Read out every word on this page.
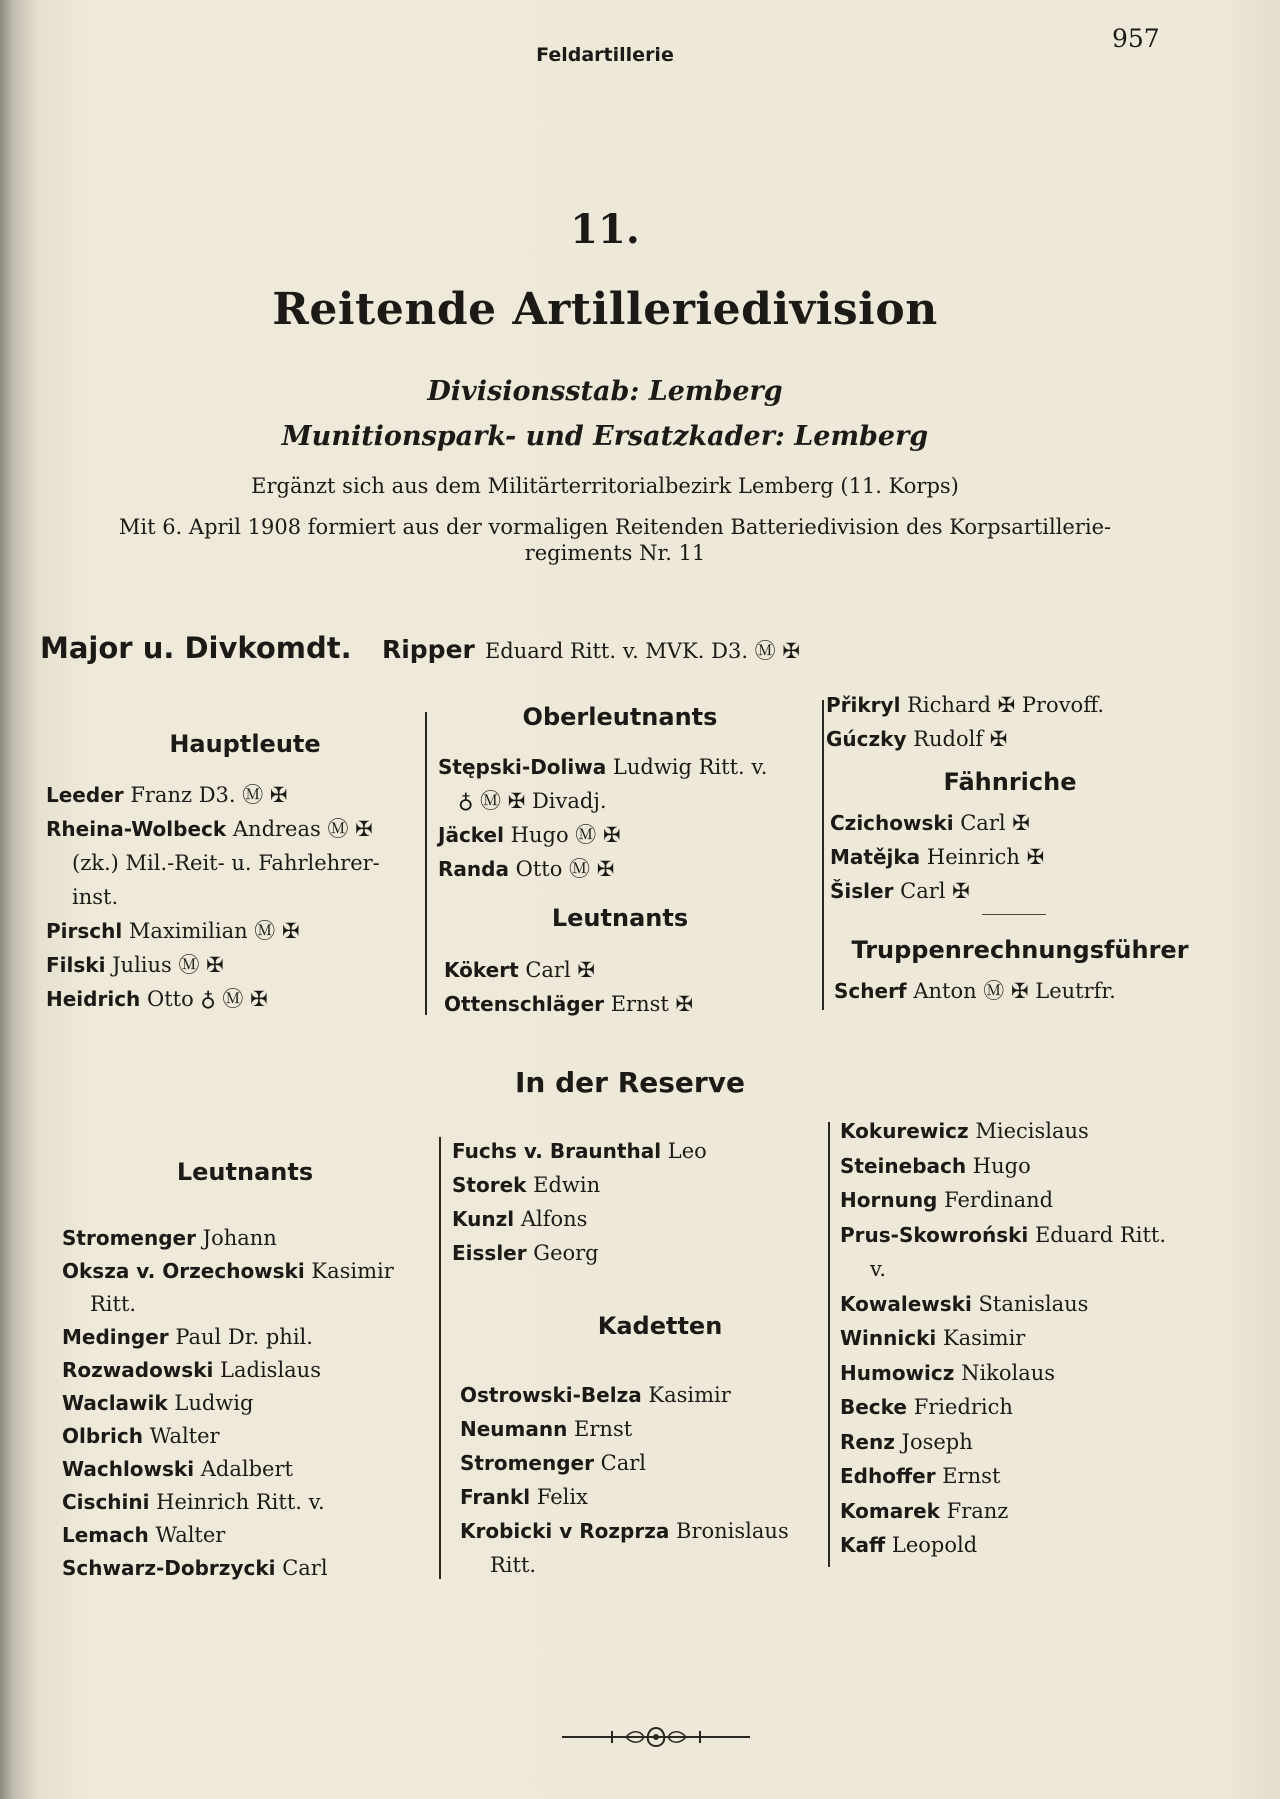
Feldartillerie
957
11.
Reitende Artilleriedivision
Divisionsstab: Lemberg
Munitionspark- und Ersatzkader: Lemberg
Ergänzt sich aus dem Militärterritorialbezirk Lemberg (11. Korps)
Mit 6. April 1908 formiert aus der vormaligen Reitenden Batteriedivision des Korpsartillerie-
regiments Nr. 11
Major u. Divkomdt. Ripper Eduard Ritt. v. MVK. D3. Ⓜ ✠
Hauptleute
Leeder Franz D3. Ⓜ ✠
Rheina-Wolbeck Andreas Ⓜ ✠
(zk.) Mil.-Reit- u. Fahrlehrer-
inst.
Pirschl Maximilian Ⓜ ✠
Filski Julius Ⓜ ✠
Heidrich Otto ♁ Ⓜ ✠
Oberleutnants
Stępski-Doliwa Ludwig Ritt. v.
♁ Ⓜ ✠ Divadj.
Jäckel Hugo Ⓜ ✠
Randa Otto Ⓜ ✠
Leutnants
Kökert Carl ✠
Ottenschläger Ernst ✠
Přikryl Richard ✠ Provoff.
Gúczky Rudolf ✠
Fähnriche
Czichowski Carl ✠
Matějka Heinrich ✠
Šisler Carl ✠
Truppenrechnungsführer
Scherf Anton Ⓜ ✠ Leutrfr.
In der Reserve
Leutnants
Stromenger Johann
Oksza v. Orzechowski Kasimir
Ritt.
Medinger Paul Dr. phil.
Rozwadowski Ladislaus
Waclawik Ludwig
Olbrich Walter
Wachlowski Adalbert
Cischini Heinrich Ritt. v.
Lemach Walter
Schwarz-Dobrzycki Carl
Fuchs v. Braunthal Leo
Storek Edwin
Kunzl Alfons
Eissler Georg
Kadetten
Ostrowski-Belza Kasimir
Neumann Ernst
Stromenger Carl
Frankl Felix
Krobicki v Rozprza Bronislaus
Ritt.
Kokurewicz Miecislaus
Steinebach Hugo
Hornung Ferdinand
Prus-Skowroński Eduard Ritt.
v.
Kowalewski Stanislaus
Winnicki Kasimir
Humowicz Nikolaus
Becke Friedrich
Renz Joseph
Edhoffer Ernst
Komarek Franz
Kaff Leopold
